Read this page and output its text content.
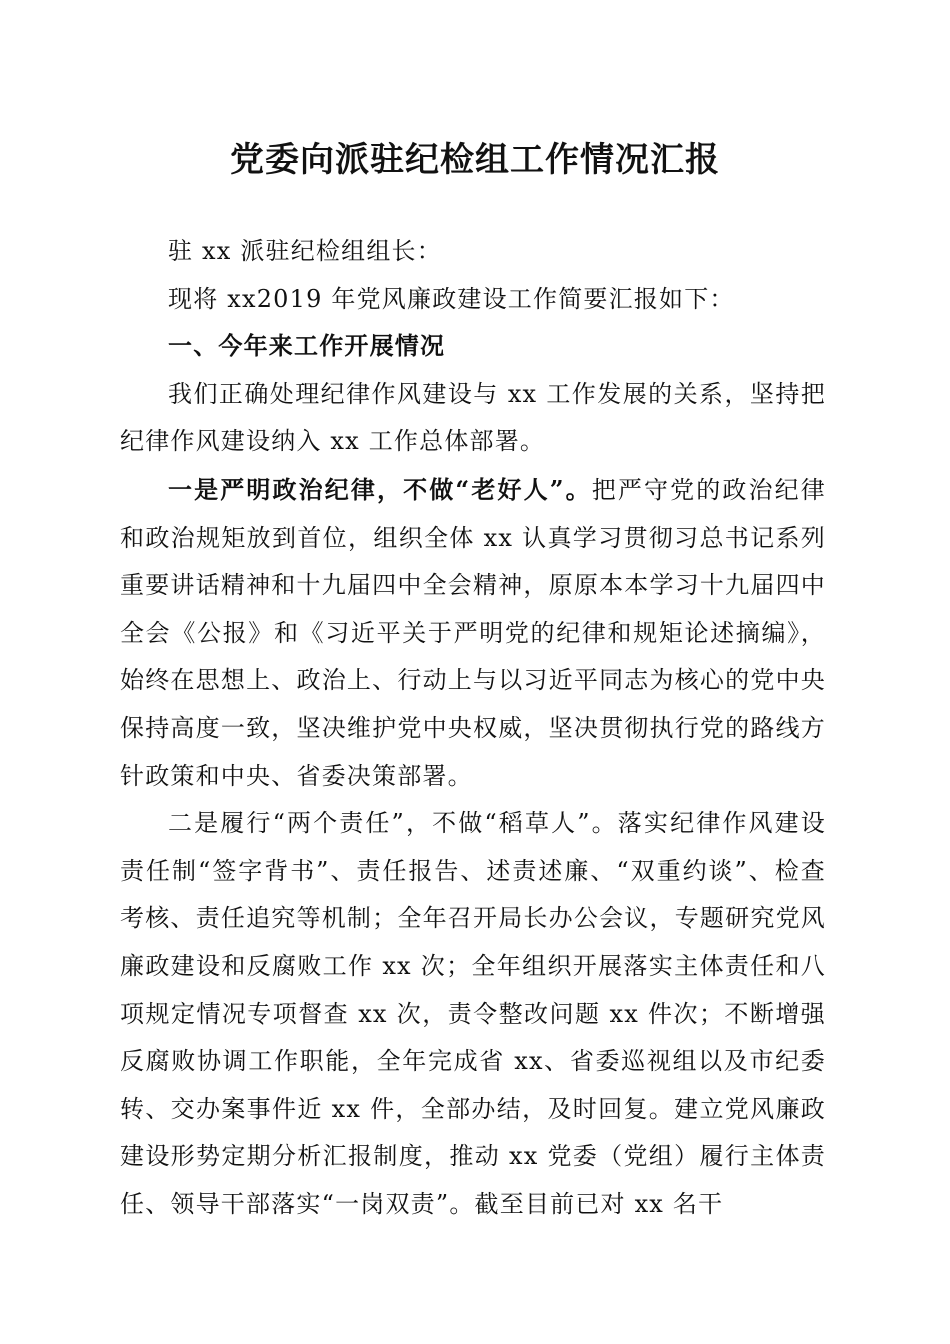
党委向派驻纪检组工作情况汇报

驻 xx 派驻纪检组组长：

现将 xx2019 年党风廉政建设工作简要汇报如下：

一、今年来工作开展情况

我们正确处理纪律作风建设与 xx 工作发展的关系，坚持把纪律作风建设纳入 xx 工作总体部署。

一是严明政治纪律，不做“老好人”。把严守党的政治纪律和政治规矩放到首位，组织全体 xx 认真学习贯彻习总书记系列重要讲话精神和十九届四中全会精神，原原本本学习十九届四中全会《公报》和《习近平关于严明党的纪律和规矩论述摘编》，始终在思想上、政治上、行动上与以习近平同志为核心的党中央保持高度一致，坚决维护党中央权威，坚决贯彻执行党的路线方针政策和中央、省委决策部署。

二是履行“两个责任”，不做“稻草人”。落实纪律作风建设责任制“签字背书”、责任报告、述责述廉、“双重约谈”、检查考核、责任追究等机制；全年召开局长办公会议，专题研究党风廉政建设和反腐败工作 xx 次；全年组织开展落实主体责任和八项规定情况专项督查 xx 次，责令整改问题 xx 件次；不断增强反腐败协调工作职能，全年完成省 xx、省委巡视组以及市纪委转、交办案事件近 xx 件，全部办结，及时回复。建立党风廉政建设形势定期分析汇报制度，推动 xx 党委（党组）履行主体责任、领导干部落实“一岗双责”。截至目前已对 xx 名干
